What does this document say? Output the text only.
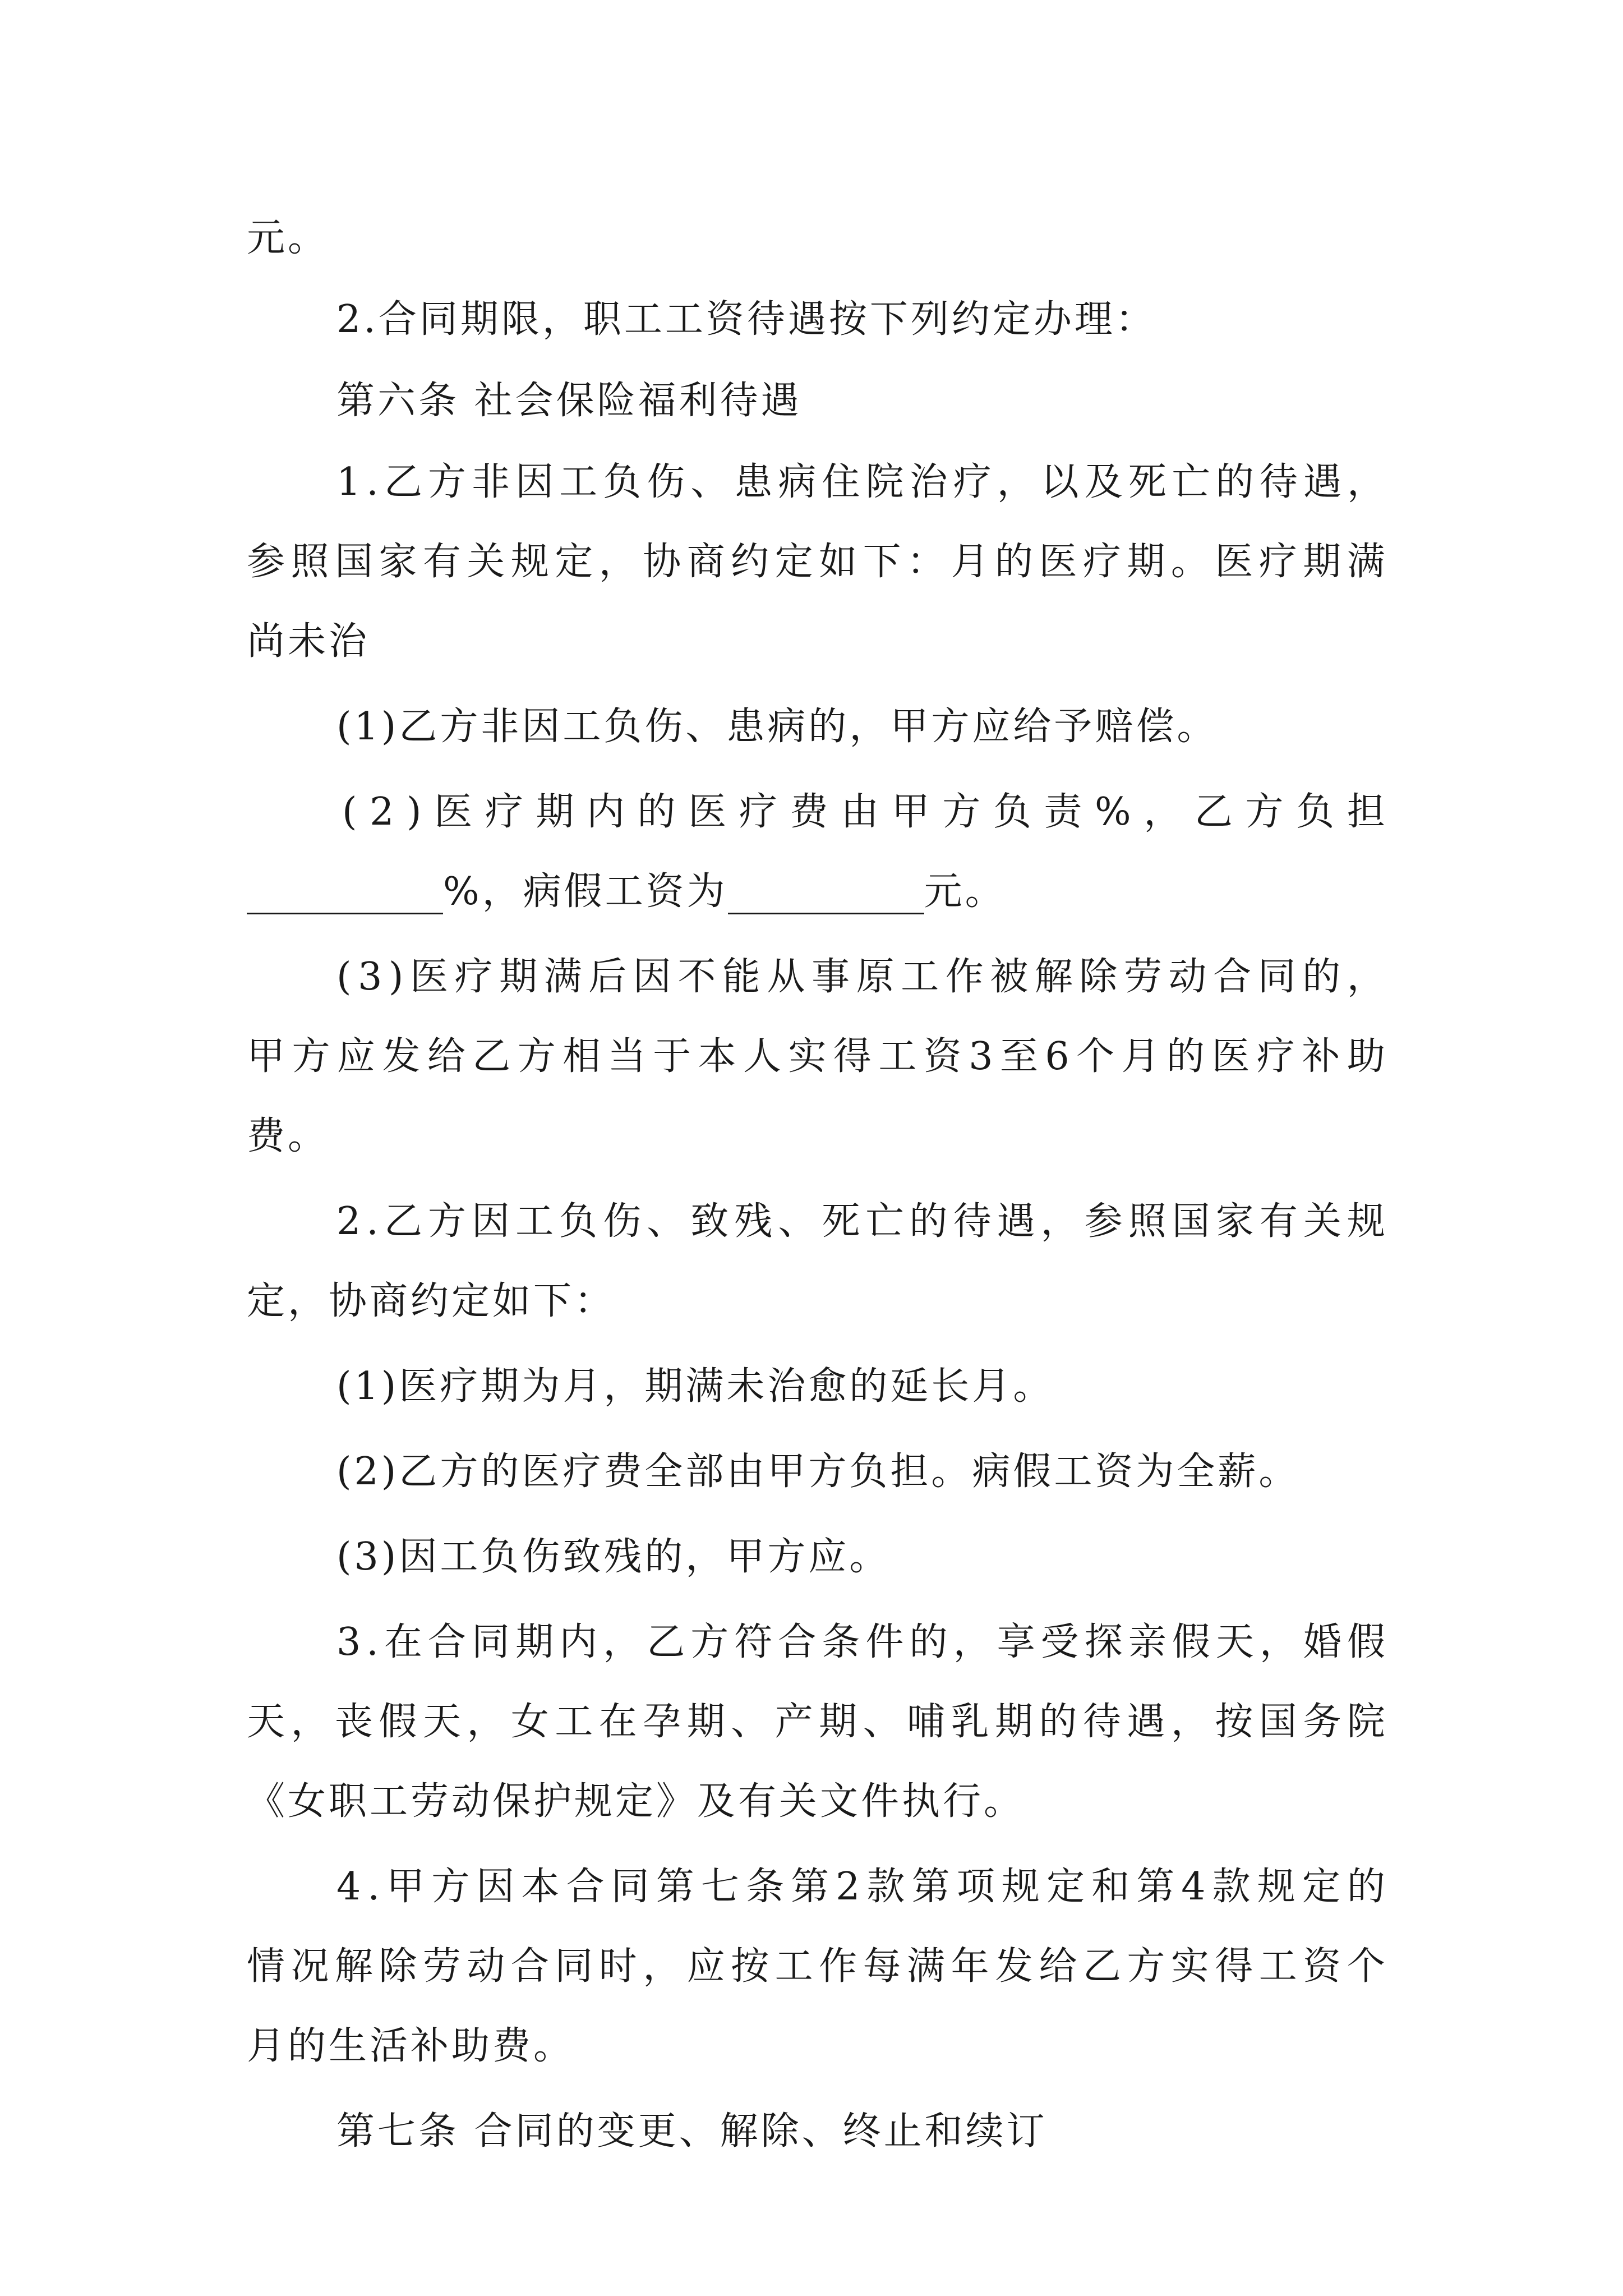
元。
2.合同期限，职工工资待遇按下列约定办理：
第六条 社会保险福利待遇
1 . 乙 方 非 因 工 负 伤 、 患 病 住 院 治 疗 ， 以 及 死 亡 的 待 遇 ，
参 照 国 家 有 关 规 定 ， 协 商 约 定 如 下 ： 月 的 医 疗 期 。 医 疗 期 满
尚未治
(1)乙方非因工负伤、患病的，甲方应给予赔偿。
( 2 ) 医 疗 期 内 的 医 疗 费 由 甲 方 负 责 % ， 乙 方 负 担
%，病假工资为	元。
( 3 ) 医 疗 期 满 后 因 不 能 从 事 原 工 作 被 解 除 劳 动 合 同 的 ，
甲 方 应 发 给 乙 方 相 当 于 本 人 实 得 工 资 3 至 6 个 月 的 医 疗 补 助
费。
2 . 乙 方 因 工 负 伤 、 致 残 、 死 亡 的 待 遇 ， 参 照 国 家 有 关 规
定，协商约定如下：
(1)医疗期为月，期满未治愈的延长月。
(2)乙方的医疗费全部由甲方负担。病假工资为全薪。
(3)因工负伤致残的，甲方应。
3 . 在 合 同 期 内 ， 乙 方 符 合 条 件 的 ， 享 受 探 亲 假 天 ， 婚 假
天 ， 丧 假 天 ， 女 工 在 孕 期 、 产 期 、 哺 乳 期 的 待 遇 ， 按 国 务 院
《女职工劳动保护规定》及有关文件执行。
4 . 甲 方 因 本 合 同 第 七 条 第 2 款 第 项 规 定 和 第 4 款 规 定 的
情 况 解 除 劳 动 合 同 时 ， 应 按 工 作 每 满 年 发 给 乙 方 实 得 工 资 个
月的生活补助费。
第七条 合同的变更、解除、终止和续订
